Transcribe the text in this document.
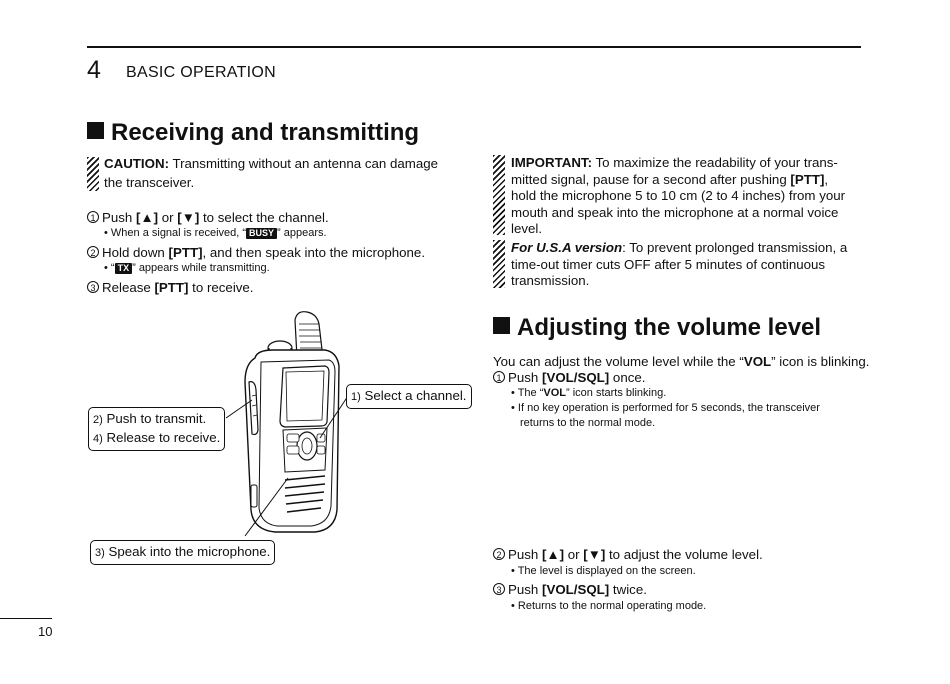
4 BASIC OPERATION
Receiving and transmitting
CAUTION: Transmitting without an antenna can damage
the transceiver.
1 Push [▲] or [▼] to select the channel.
• When a signal is received, “ BUSY ” appears.
2 Hold down [PTT], and then speak into the microphone.
• “ TX ” appears while transmitting.
3 Release [PTT] to receive.
1) Select a channel.
2) Push to transmit.
4) Release to receive.
3) Speak into the microphone.
IMPORTANT: To maximize the readability of your trans-
mitted signal, pause for a second after pushing [PTT],
hold the microphone 5 to 10 cm (2 to 4 inches) from your
mouth and speak into the microphone at a normal voice
level.
For U.S.A version: To prevent prolonged transmission, a
time-out timer cuts OFF after 5 minutes of continuous
transmission.
Adjusting the volume level
You can adjust the volume level while the “VOL” icon is blinking.
1 Push [VOL/SQL] once.
• The “VOL” icon starts blinking.
• If no key operation is performed for 5 seconds, the transceiver
returns to the normal mode.
2 Push [▲] or [▼] to adjust the volume level.
• The level is displayed on the screen.
3 Push [VOL/SQL] twice.
• Returns to the normal operating mode.
10
